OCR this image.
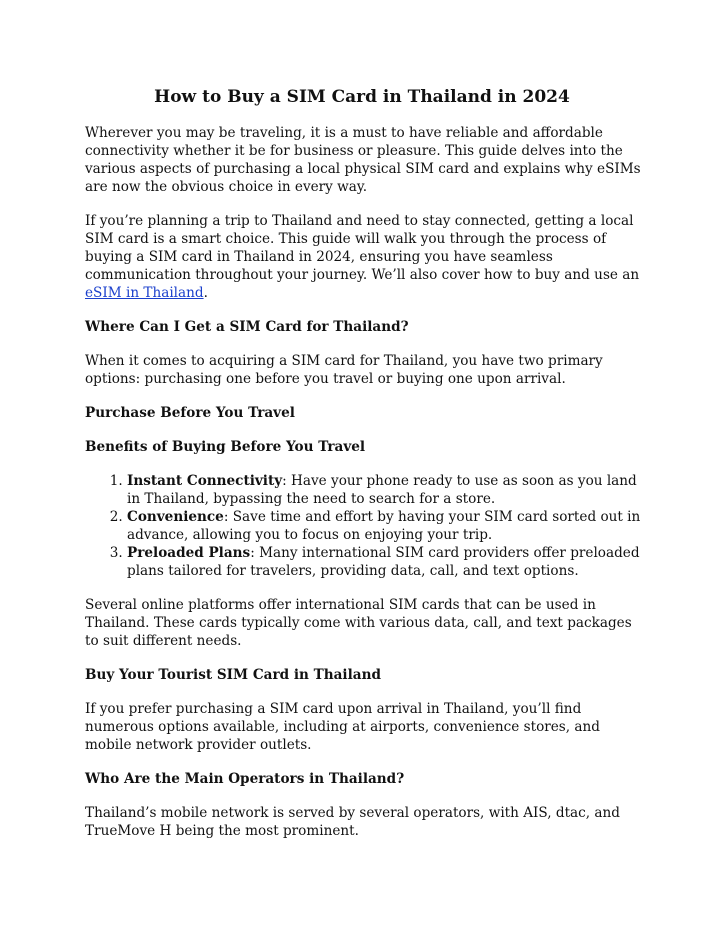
How to Buy a SIM Card in Thailand in 2024

Wherever you may be traveling, it is a must to have reliable and affordable connectivity whether it be for business or pleasure. This guide delves into the various aspects of purchasing a local physical SIM card and explains why eSIMs are now the obvious choice in every way.

If you’re planning a trip to Thailand and need to stay connected, getting a local SIM card is a smart choice. This guide will walk you through the process of buying a SIM card in Thailand in 2024, ensuring you have seamless communication throughout your journey. We’ll also cover how to buy and use an eSIM in Thailand.

Where Can I Get a SIM Card for Thailand?

When it comes to acquiring a SIM card for Thailand, you have two primary options: purchasing one before you travel or buying one upon arrival.

Purchase Before You Travel
Benefits of Buying Before You Travel
1. Instant Connectivity: Have your phone ready to use as soon as you land in Thailand, bypassing the need to search for a store.
2. Convenience: Save time and effort by having your SIM card sorted out in advance, allowing you to focus on enjoying your trip.
3. Preloaded Plans: Many international SIM card providers offer preloaded plans tailored for travelers, providing data, call, and text options.

Several online platforms offer international SIM cards that can be used in Thailand. These cards typically come with various data, call, and text packages to suit different needs.

Buy Your Tourist SIM Card in Thailand

If you prefer purchasing a SIM card upon arrival in Thailand, you’ll find numerous options available, including at airports, convenience stores, and mobile network provider outlets.

Who Are the Main Operators in Thailand?

Thailand’s mobile network is served by several operators, with AIS, dtac, and TrueMove H being the most prominent.
